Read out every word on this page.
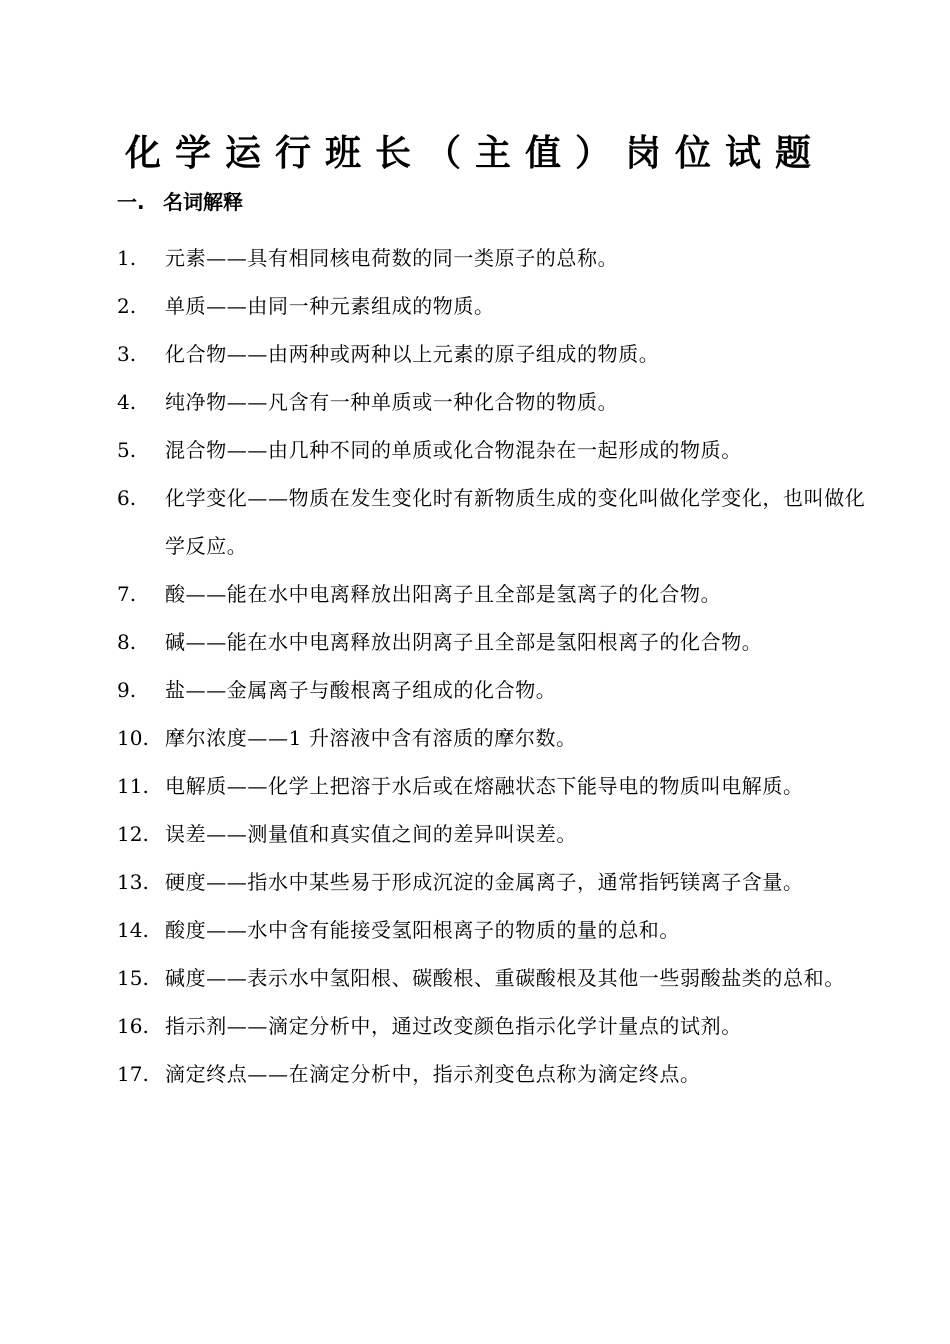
化学运行班长（主值）岗位试题
一. 名词解释
1.	元素——具有相同核电荷数的同一类原子的总称。
2.	单质——由同一种元素组成的物质。
3.	化合物——由两种或两种以上元素的原子组成的物质。
4.	纯净物——凡含有一种单质或一种化合物的物质。
5.	混合物——由几种不同的单质或化合物混杂在一起形成的物质。
6.	化学变化——物质在发生变化时有新物质生成的变化叫做化学变化，也叫做化学反应。
7.	酸——能在水中电离释放出阳离子且全部是氢离子的化合物。
8.	碱——能在水中电离释放出阴离子且全部是氢阳根离子的化合物。
9.	盐——金属离子与酸根离子组成的化合物。
10. 摩尔浓度——1 升溶液中含有溶质的摩尔数。
11. 电解质——化学上把溶于水后或在熔融状态下能导电的物质叫电解质。
12. 误差——测量值和真实值之间的差异叫误差。
13. 硬度——指水中某些易于形成沉淀的金属离子，通常指钙镁离子含量。
14. 酸度——水中含有能接受氢阳根离子的物质的量的总和。
15. 碱度——表示水中氢阳根、碳酸根、重碳酸根及其他一些弱酸盐类的总和。
16. 指示剂——滴定分析中，通过改变颜色指示化学计量点的试剂。
17. 滴定终点——在滴定分析中，指示剂变色点称为滴定终点。
